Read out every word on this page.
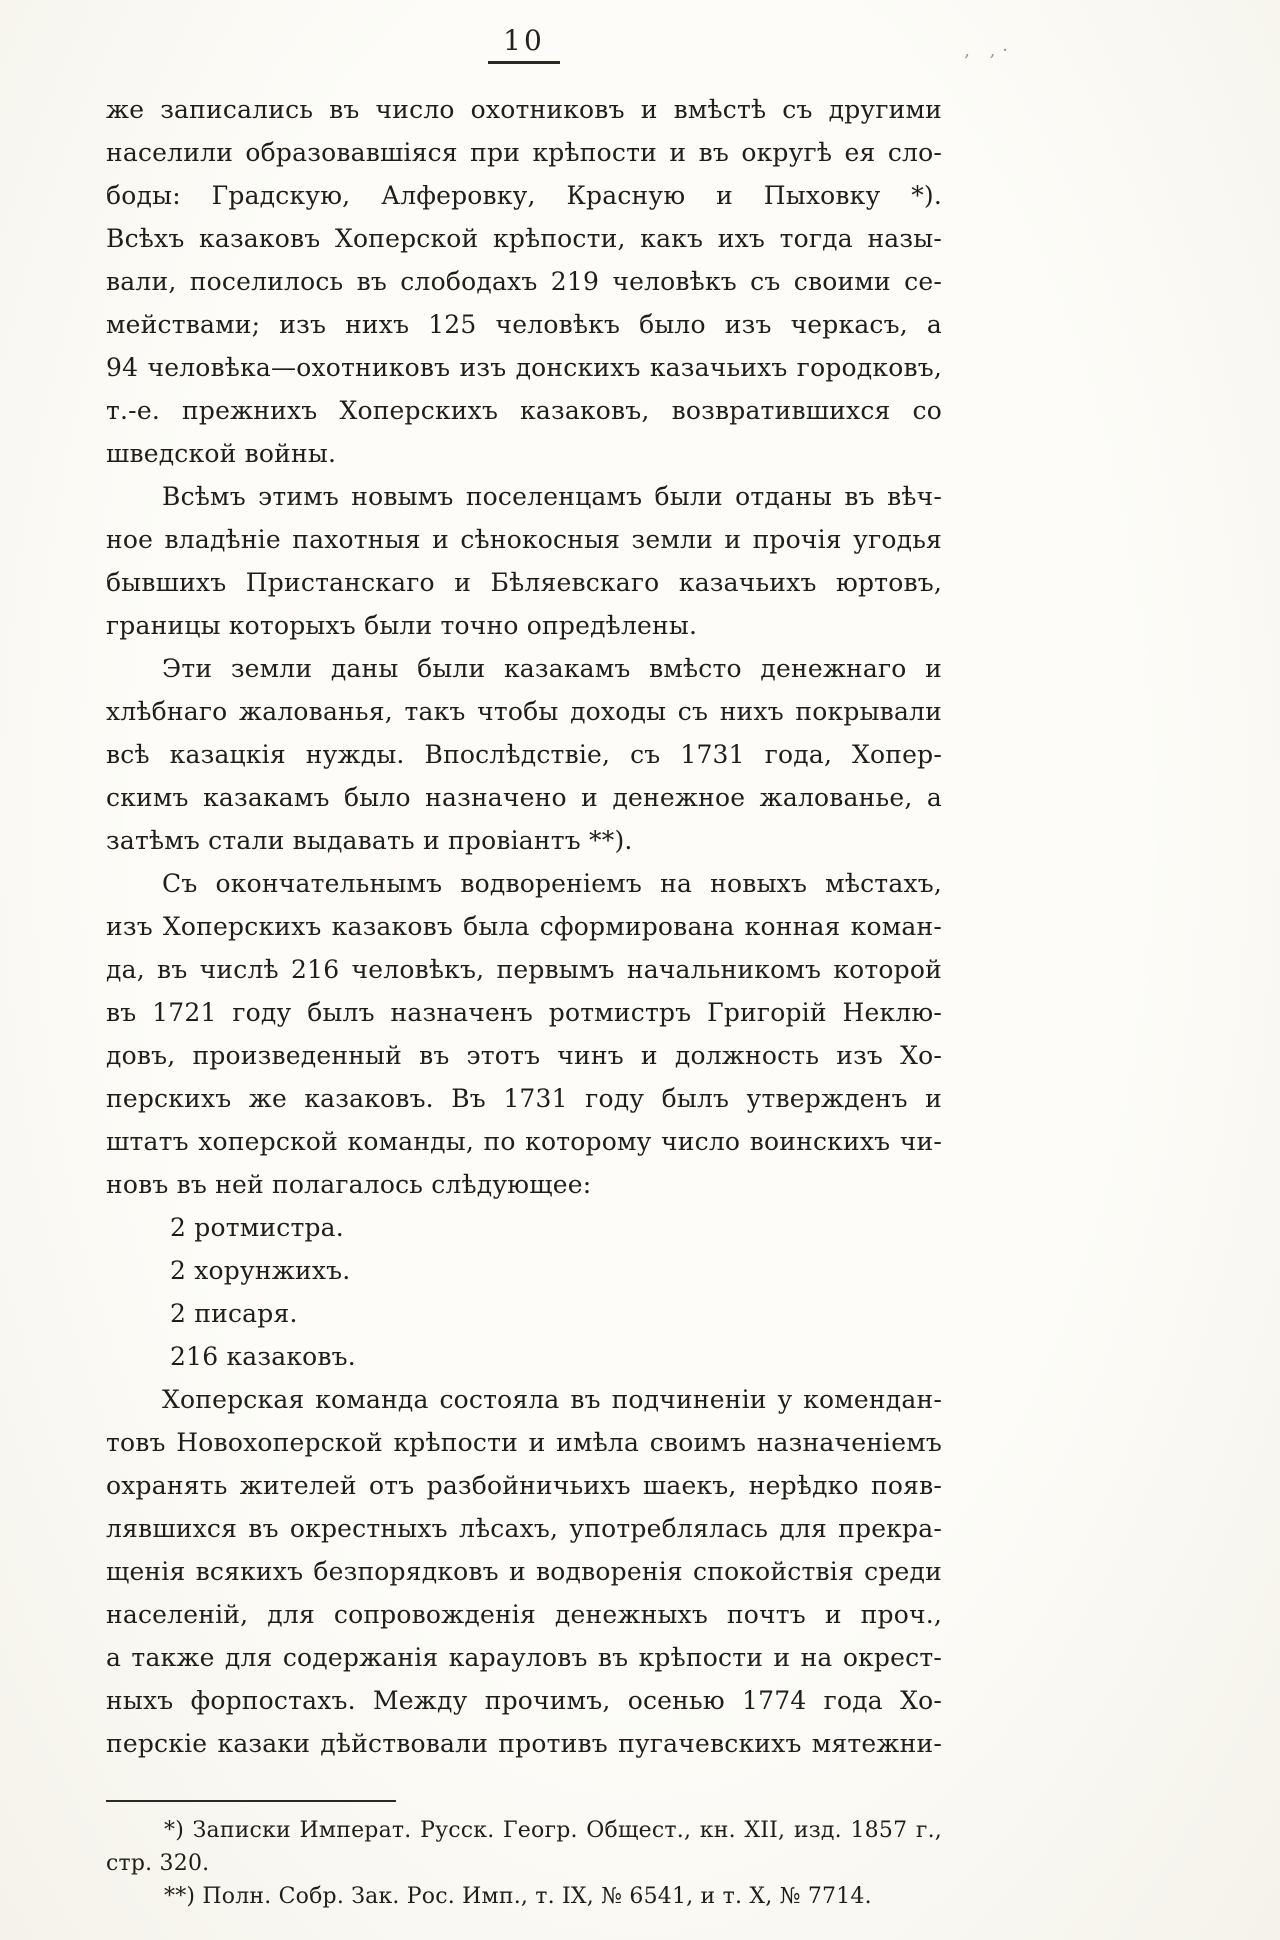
10	‚ ‚·
же записались въ число охотниковъ и вмѣстѣ съ другими
населили образовавшіяся при крѣпости и въ округѣ ея сло-
боды: Градскую, Алферовку, Красную и Пыховку *).
Всѣхъ казаковъ Хоперской крѣпости, какъ ихъ тогда назы-
вали, поселилось въ слободахъ 219 человѣкъ съ своими се-
мействами; изъ нихъ 125 человѣкъ было изъ черкасъ, а
94 человѣка—охотниковъ изъ донскихъ казачьихъ городковъ,
т.-е. прежнихъ Хоперскихъ казаковъ, возвратившихся со
шведской войны.
Всѣмъ этимъ новымъ поселенцамъ были отданы въ вѣч-
ное владѣніе пахотныя и сѣнокосныя земли и прочія угодья
бывшихъ Пристанскаго и Бѣляевскаго казачьихъ юртовъ,
границы которыхъ были точно опредѣлены.
Эти земли даны были казакамъ вмѣсто денежнаго и
хлѣбнаго жалованья, такъ чтобы доходы съ нихъ покрывали
всѣ казацкія нужды. Впослѣдствіе, съ 1731 года, Хопер-
скимъ казакамъ было назначено и денежное жалованье, а
затѣмъ стали выдавать и провіантъ **).
Съ окончательнымъ водвореніемъ на новыхъ мѣстахъ,
изъ Хоперскихъ казаковъ была сформирована конная коман-
да, въ числѣ 216 человѣкъ, первымъ начальникомъ которой
въ 1721 году былъ назначенъ ротмистръ Григорій Неклю-
довъ, произведенный въ этотъ чинъ и должность изъ Хо-
перскихъ же казаковъ. Въ 1731 году былъ утвержденъ и
штатъ хоперской команды, по которому число воинскихъ чи-
новъ въ ней полагалось слѣдующее:
2 ротмистра.
2 хорунжихъ.
2 писаря.
216 казаковъ.
Хоперская команда состояла въ подчиненіи у комендан-
товъ Новохоперской крѣпости и имѣла своимъ назначеніемъ
охранять жителей отъ разбойничьихъ шаекъ, нерѣдко появ-
лявшихся въ окрестныхъ лѣсахъ, употреблялась для прекра-
щенія всякихъ безпорядковъ и водворенія спокойствія среди
населеній, для сопровожденія денежныхъ почтъ и проч.,
а также для содержанія карауловъ въ крѣпости и на окрест-
ныхъ форпостахъ. Между прочимъ, осенью 1774 года Хо-
перскіе казаки дѣйствовали противъ пугачевскихъ мятежни-
*) Записки Императ. Русск. Геогр. Общест., кн. XII, изд. 1857 г.,
стр. 320.
**) Полн. Собр. Зак. Рос. Имп., т. IX, № 6541, и т. X, № 7714.
